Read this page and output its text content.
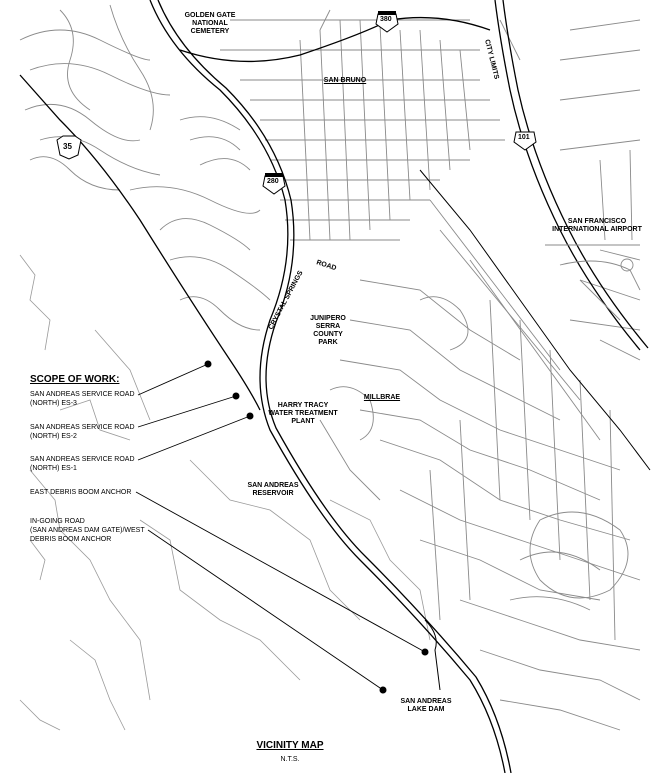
CRYSTAL SPRINGS
ROAD
CITY LIMITS
35
280
380
101
GOLDEN GATE
NATIONAL
CEMETERY
SAN BRUNO
SAN FRANCISCO
INTERNATIONAL AIRPORT
JUNIPERO
SERRA
COUNTY
PARK
MILLBRAE
HARRY TRACY
WATER TREATMENT
PLANT
SAN ANDREAS
RESERVOIR
SAN ANDREAS
LAKE DAM
SCOPE OF WORK:
SAN ANDREAS SERVICE ROAD
(NORTH) ES-3
SAN ANDREAS SERVICE ROAD
(NORTH) ES-2
SAN ANDREAS SERVICE ROAD
(NORTH) ES-1
EAST DEBRIS BOOM ANCHOR
IN-GOING ROAD
(SAN ANDREAS DAM GATE)/WEST
DEBRIS BOOM ANCHOR
VICINITY MAP
N.T.S.
